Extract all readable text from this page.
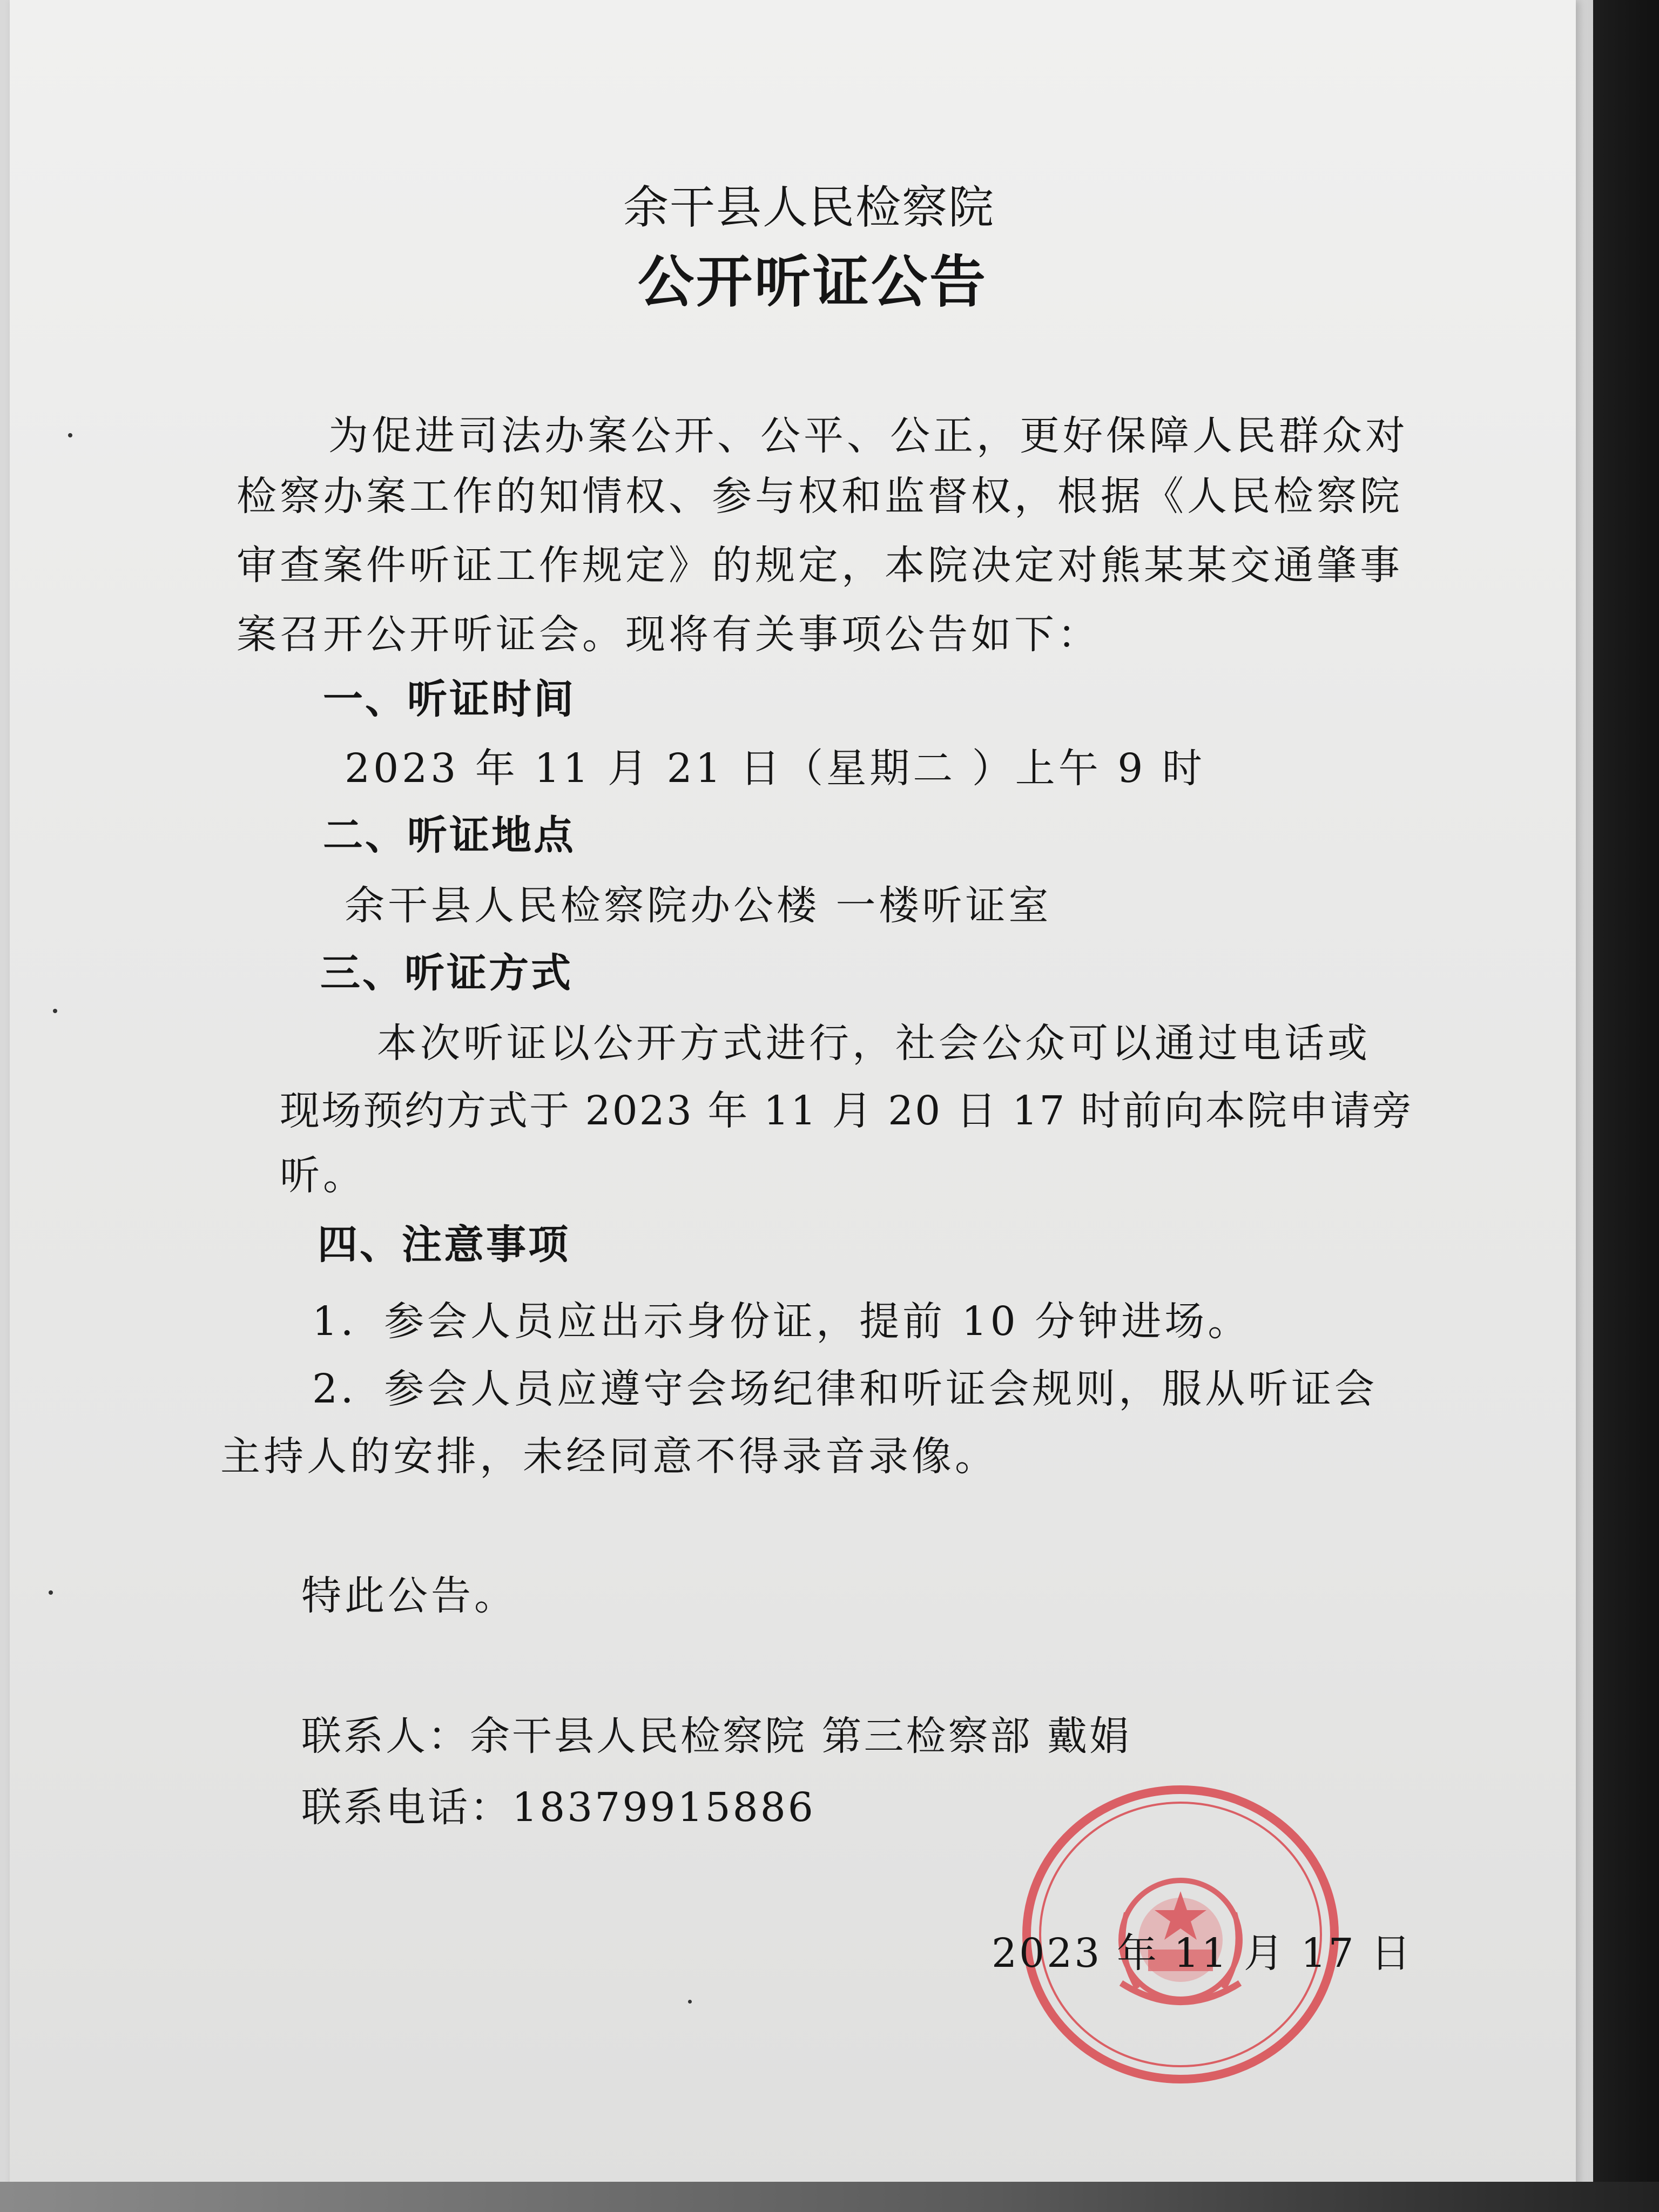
余干县人民检察院
公开听证公告
为促进司法办案公开、公平、公正，更好保障人民群众对
检察办案工作的知情权、参与权和监督权，根据《人民检察院
审查案件听证工作规定》的规定，本院决定对熊某某交通肇事
案召开公开听证会。现将有关事项公告如下：
一、听证时间
2023 年 11 月 21 日（星期二 ）上午 9 时
二、听证地点
余干县人民检察院办公楼 一楼听证室
三、听证方式
本次听证以公开方式进行，社会公众可以通过电话或
现场预约方式于 2023 年 11 月 20 日 17 时前向本院申请旁
听。
四、注意事项
1．参会人员应出示身份证，提前 10 分钟进场。
2．参会人员应遵守会场纪律和听证会规则，服从听证会
主持人的安排，未经同意不得录音录像。
特此公告。
联系人：余干县人民检察院 第三检察部 戴娟
联系电话：18379915886
2023 年 11 月 17 日
